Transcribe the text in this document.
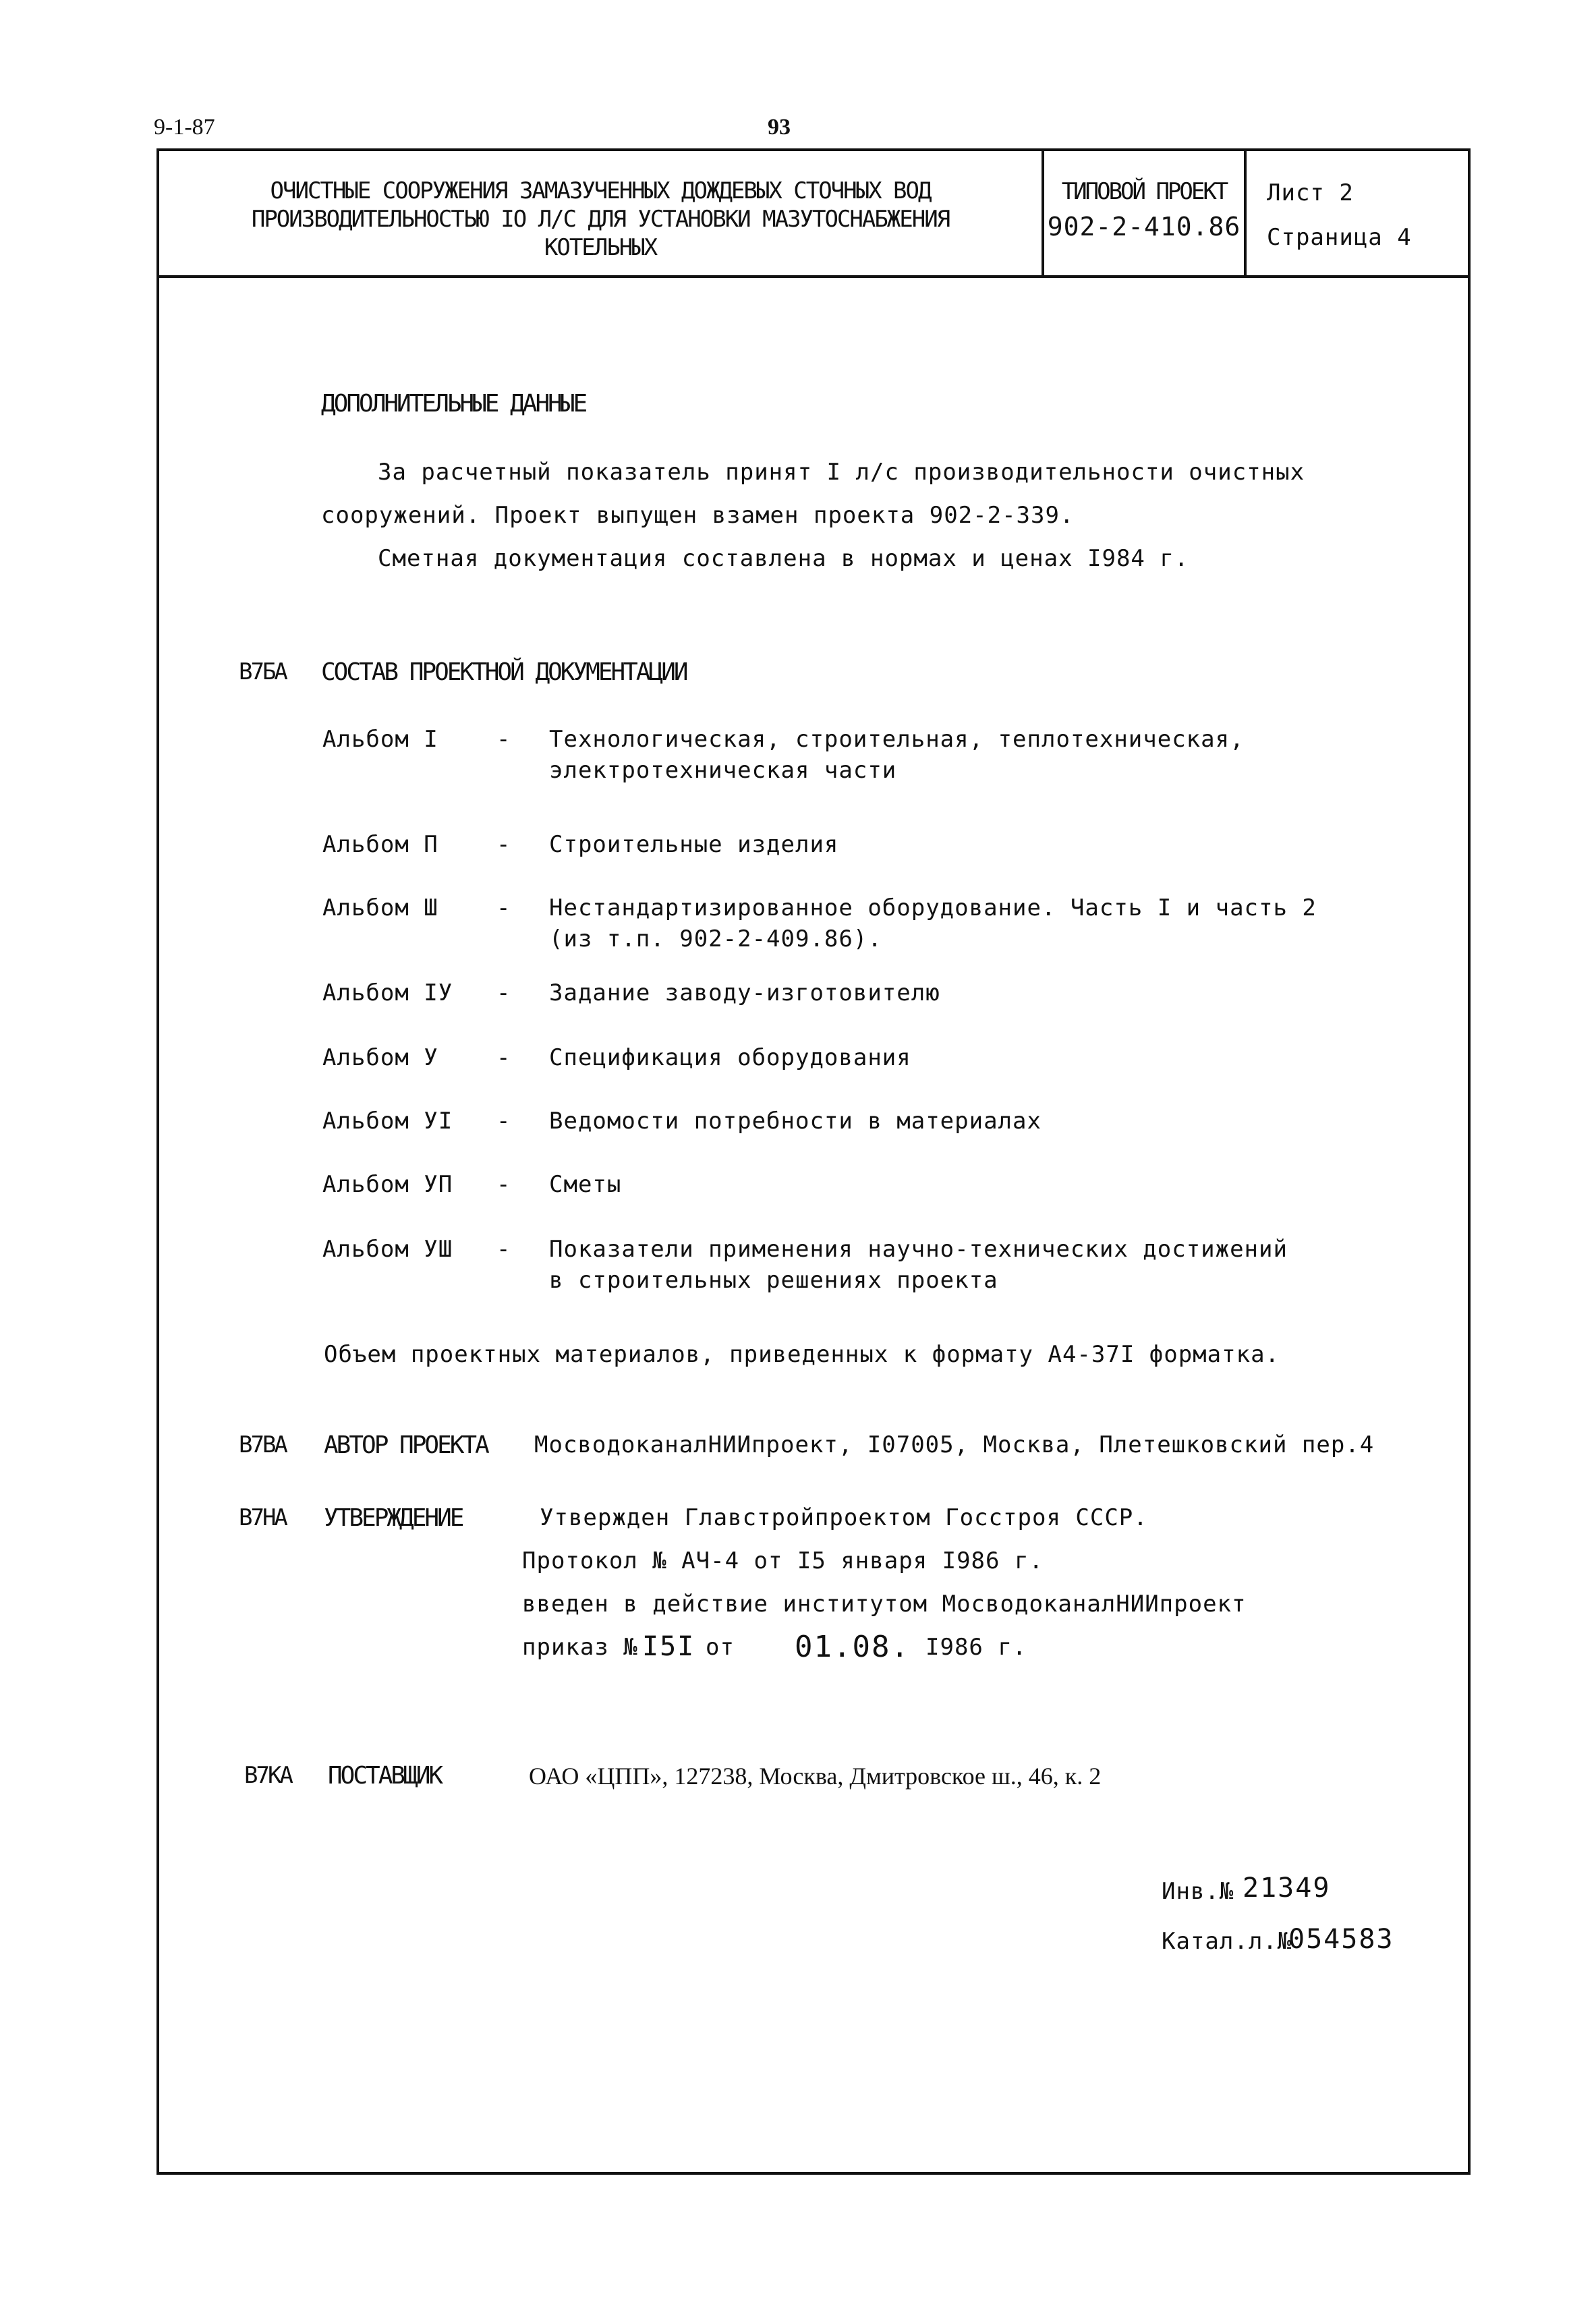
9-1-87	93
ОЧИСТНЫЕ СООРУЖЕНИЯ ЗАМАЗУЧЕННЫХ ДОЖДЕВЫХ СТОЧНЫХ ВОД
ПРОИЗВОДИТЕЛЬНОСТЬЮ IO Л/С ДЛЯ УСТАНОВКИ МАЗУТОСНАБЖЕНИЯ
КОТЕЛЬНЫХ
ТИПОВОЙ ПРОЕКТ
902-2-410.86
Лист 2
Страница 4
ДОПОЛНИТЕЛЬНЫЕ ДАННЫЕ
За расчетный показатель принят I л/с производительности очистных
сооружений. Проект выпущен взамен проекта 902-2-339.
Сметная документация составлена в нормах и ценах I984 г.
В7БА СОСТАВ ПРОЕКТНОЙ ДОКУМЕНТАЦИИ
Альбом I	- Технологическая, строительная, теплотехническая,
электротехническая части
Альбом П	- Строительные изделия
Альбом Ш	- Нестандартизированное оборудование. Часть I и часть 2
(из т.п. 902-2-409.86).
Альбом IУ - Задание заводу-изготовителю
Альбом У	- Спецификация оборудования
Альбом УI - Ведомости потребности в материалах
Альбом УП - Сметы
Альбом УШ - Показатели применения научно-технических достижений
в строительных решениях проекта
Объем проектных материалов, приведенных к формату А4-37I форматка.
В7ВА АВТОР ПРОЕКТА МосводоканалНИИпроект, I07005, Москва, Плетешковский пер.4
В7НА УТВЕРЖДЕНИЕ	Утвержден Главстройпроектом Госстроя СССР.
Протокол № АЧ-4 от I5 января I986 г.
введен в действие институтом МосводоканалНИИпроект
приказ № I5I от 01.08. I986 г.
В7КА ПОСТАВЩИК	ОАО «ЦПП», 127238, Москва, Дмитровское ш., 46, к. 2
Инв.№ 21349
Катал.л.№
054583
